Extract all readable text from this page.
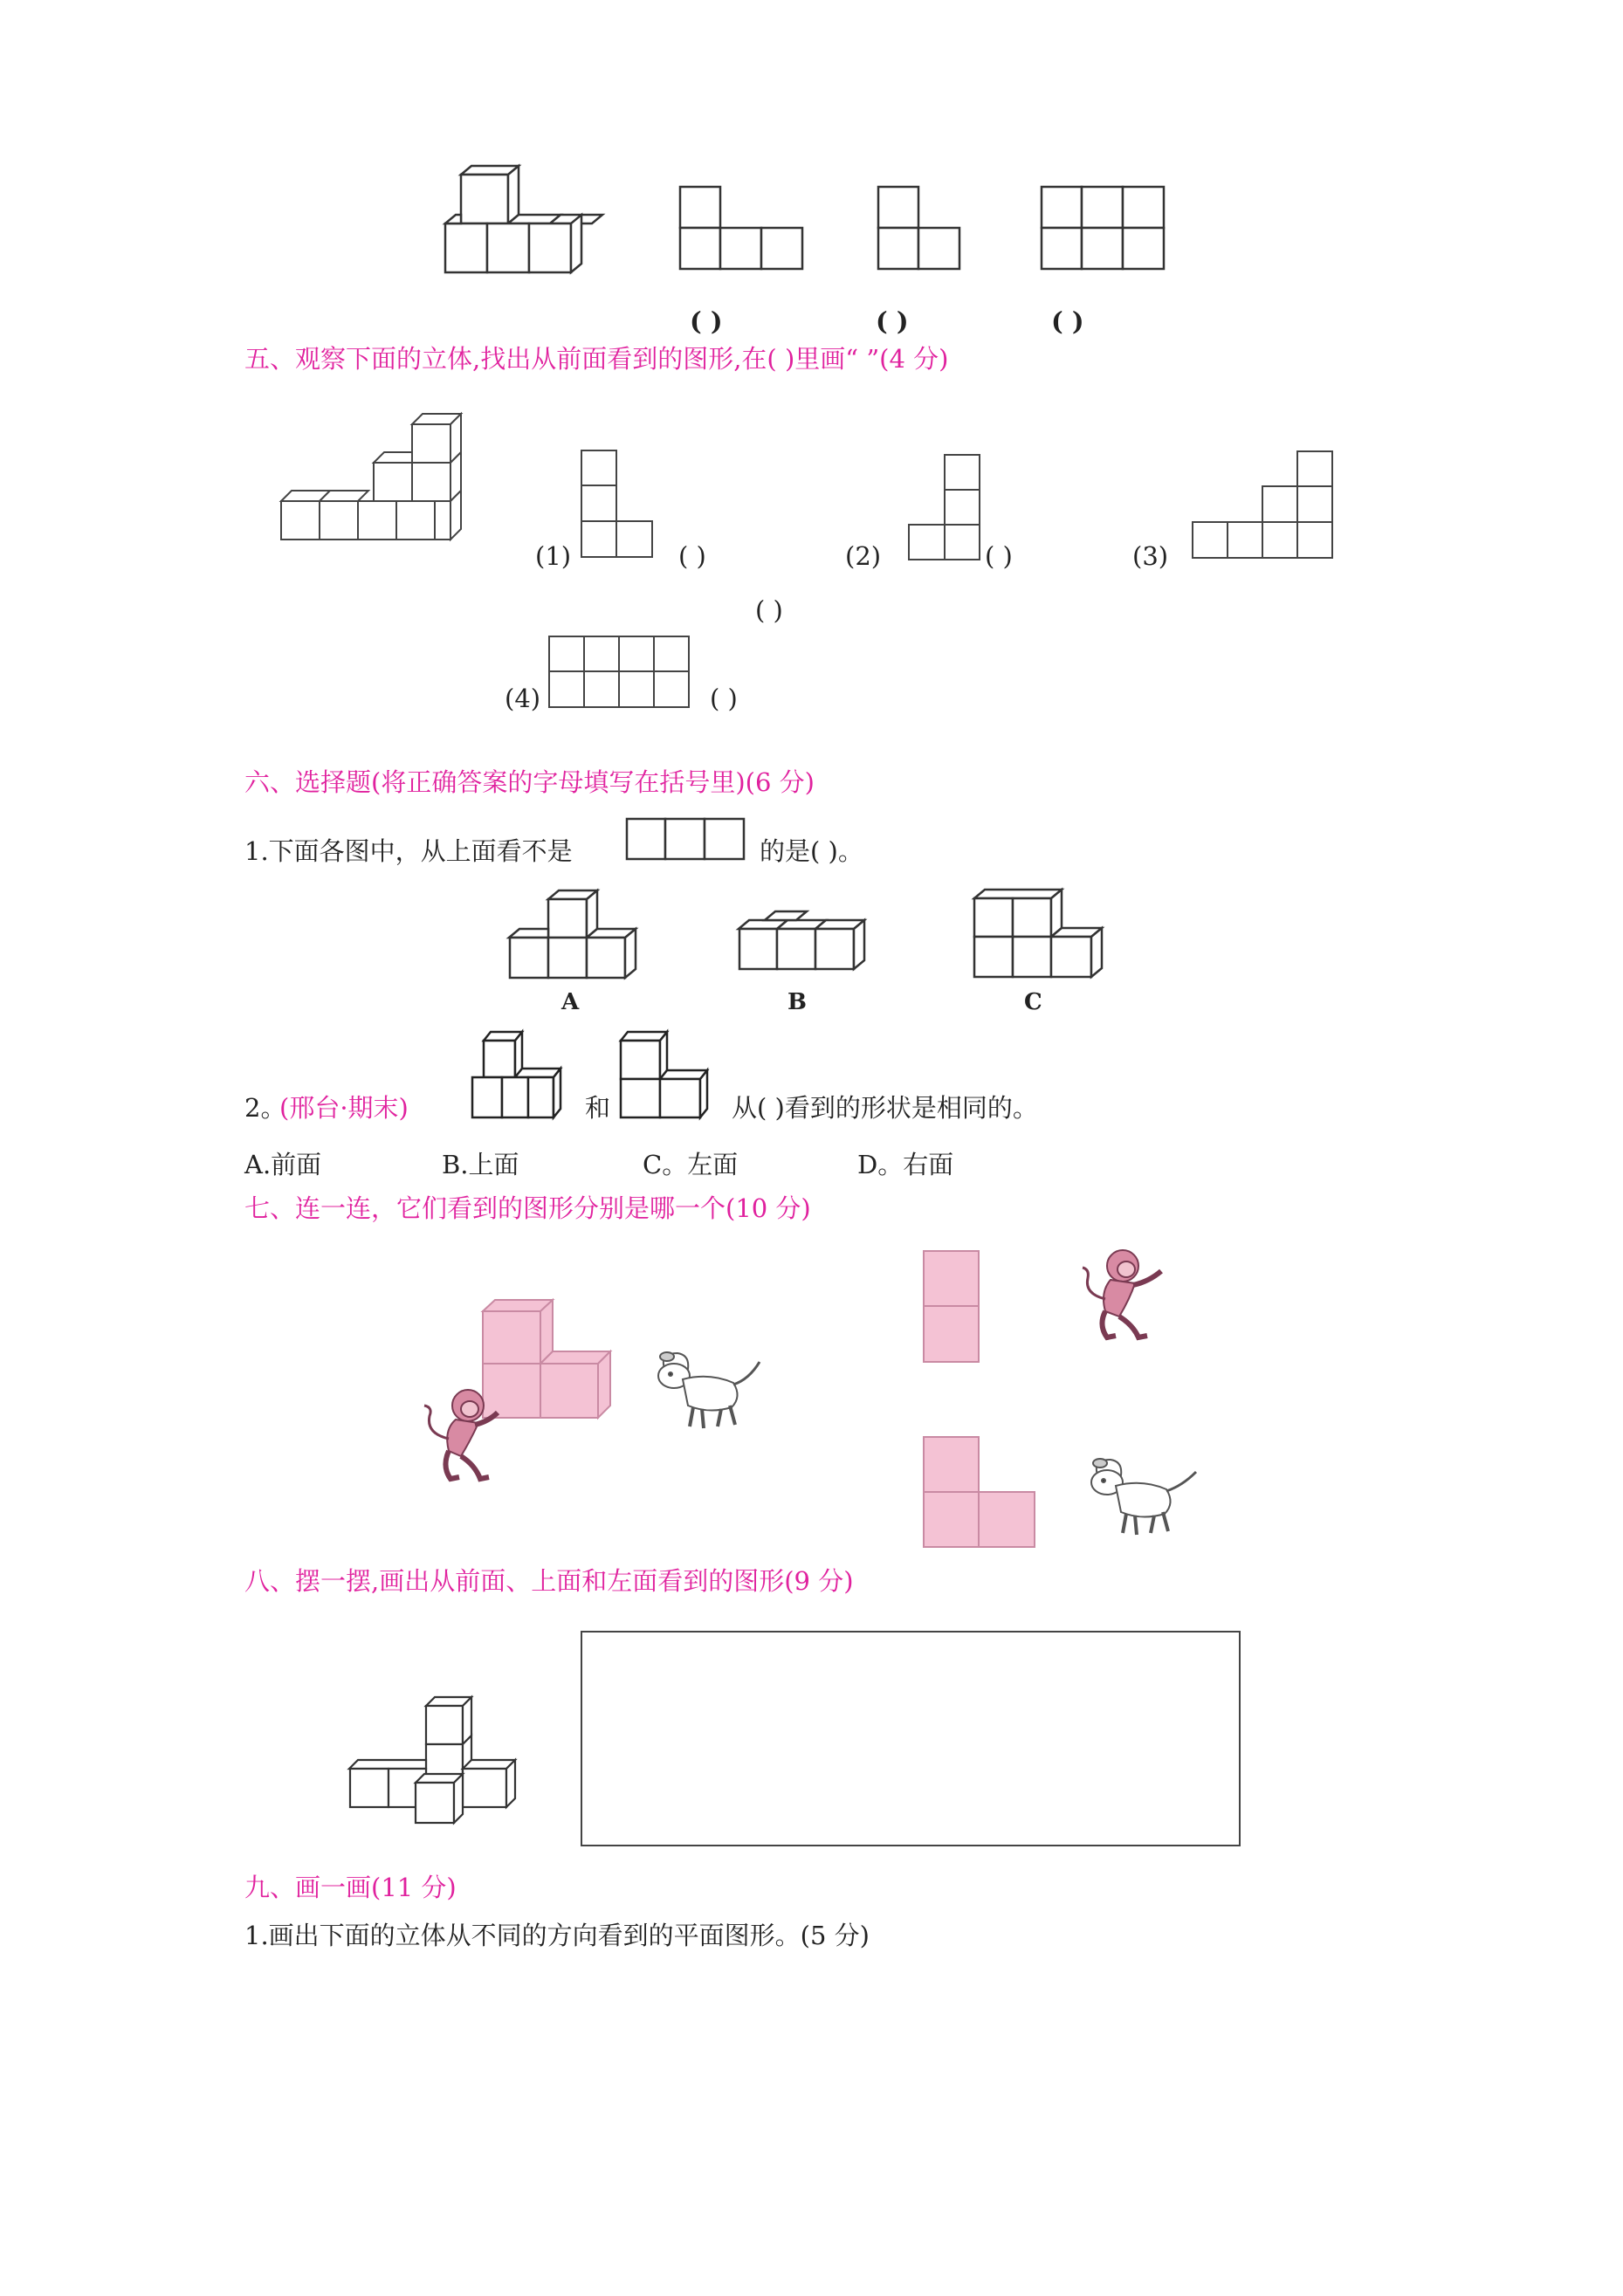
( )	( )	( )
五、观察下面的立体,找出从前面看到的图形,在( )里画“ ”(4 分)
(1)	( )	(2)	( )	(3)
( )
(4)	( )
六、选择题(将正确答案的字母填写在括号里)(6 分)
1.下面各图中，从上面看不是	的是( )。
A	B	C
2。
(邢台·期末)	和	从( )看到的形状是相同的。
A.前面	B.上面	C。左面	D。右面
七、连一连，它们看到的图形分别是哪一个(10 分)
八、摆一摆,画出从前面、上面和左面看到的图形(9 分)
九、画一画(11 分)
1.画出下面的立体从不同的方向看到的平面图形。(5 分)
